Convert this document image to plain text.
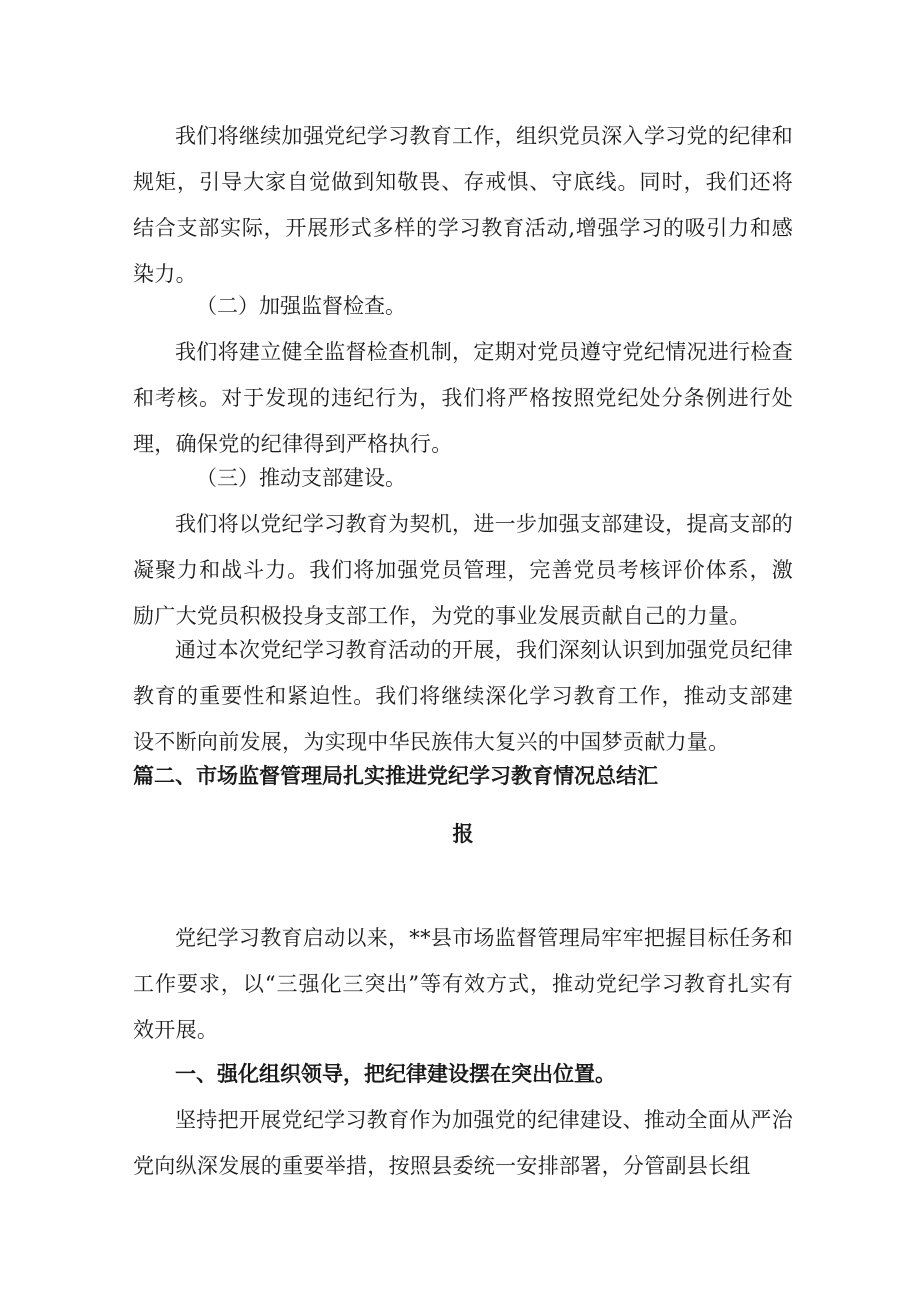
我们将继续加强党纪学习教育工作，组织党员深入学习党的纪律和规矩，引导大家自觉做到知敬畏、存戒惧、守底线。同时，我们还将结合支部实际，开展形式多样的学习教育活动,增强学习的吸引力和感染力。

（二）加强监督检查。

我们将建立健全监督检查机制，定期对党员遵守党纪情况进行检查和考核。对于发现的违纪行为，我们将严格按照党纪处分条例进行处理，确保党的纪律得到严格执行。

（三）推动支部建设。

我们将以党纪学习教育为契机，进一步加强支部建设，提高支部的凝聚力和战斗力。我们将加强党员管理，完善党员考核评价体系，激励广大党员积极投身支部工作，为党的事业发展贡献自己的力量。

通过本次党纪学习教育活动的开展，我们深刻认识到加强党员纪律教育的重要性和紧迫性。我们将继续深化学习教育工作，推动支部建设不断向前发展，为实现中华民族伟大复兴的中国梦贡献力量。

篇二、市场监督管理局扎实推进党纪学习教育情况总结汇

报

党纪学习教育启动以来，**县市场监督管理局牢牢把握目标任务和工作要求，以“三强化三突出”等有效方式，推动党纪学习教育扎实有效开展。

一、强化组织领导，把纪律建设摆在突出位置。

坚持把开展党纪学习教育作为加强党的纪律建设、推动全面从严治党向纵深发展的重要举措，按照县委统一安排部署，分管副县长组
